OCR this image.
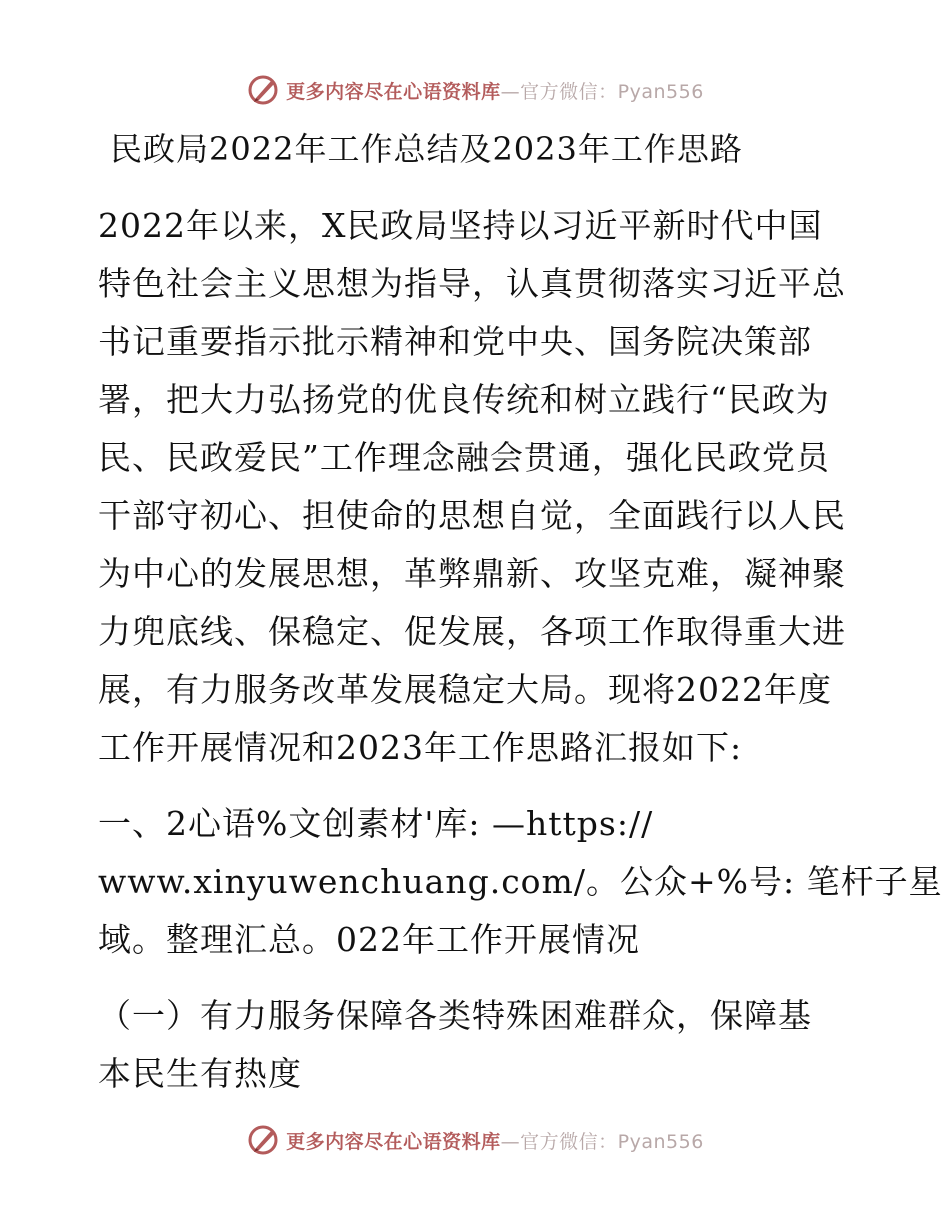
更多内容尽在心语资料库—官方微信：Pyan556
民政局2022年工作总结及2023年工作思路
2022年以来，X民政局坚持以习近平新时代中国
特色社会主义思想为指导，认真贯彻落实习近平总
书记重要指示批示精神和党中央、国务院决策部
署，把大力弘扬党的优良传统和树立践行“民政为
民、民政爱民”工作理念融会贯通，强化民政党员
干部守初心、担使命的思想自觉，全面践行以人民
为中心的发展思想，革弊鼎新、攻坚克难，凝神聚
力兜底线、保稳定、促发展，各项工作取得重大进
展，有力服务改革发展稳定大局。现将2022年度
工作开展情况和2023年工作思路汇报如下:
一、2心语%文创素材'库: —https://
www.xinyuwenchuang.com/。公众+%号: 笔杆子星
域。整理汇总。022年工作开展情况
（一）有力服务保障各类特殊困难群众，保障基
本民生有热度
更多内容尽在心语资料库—官方微信：Pyan556
